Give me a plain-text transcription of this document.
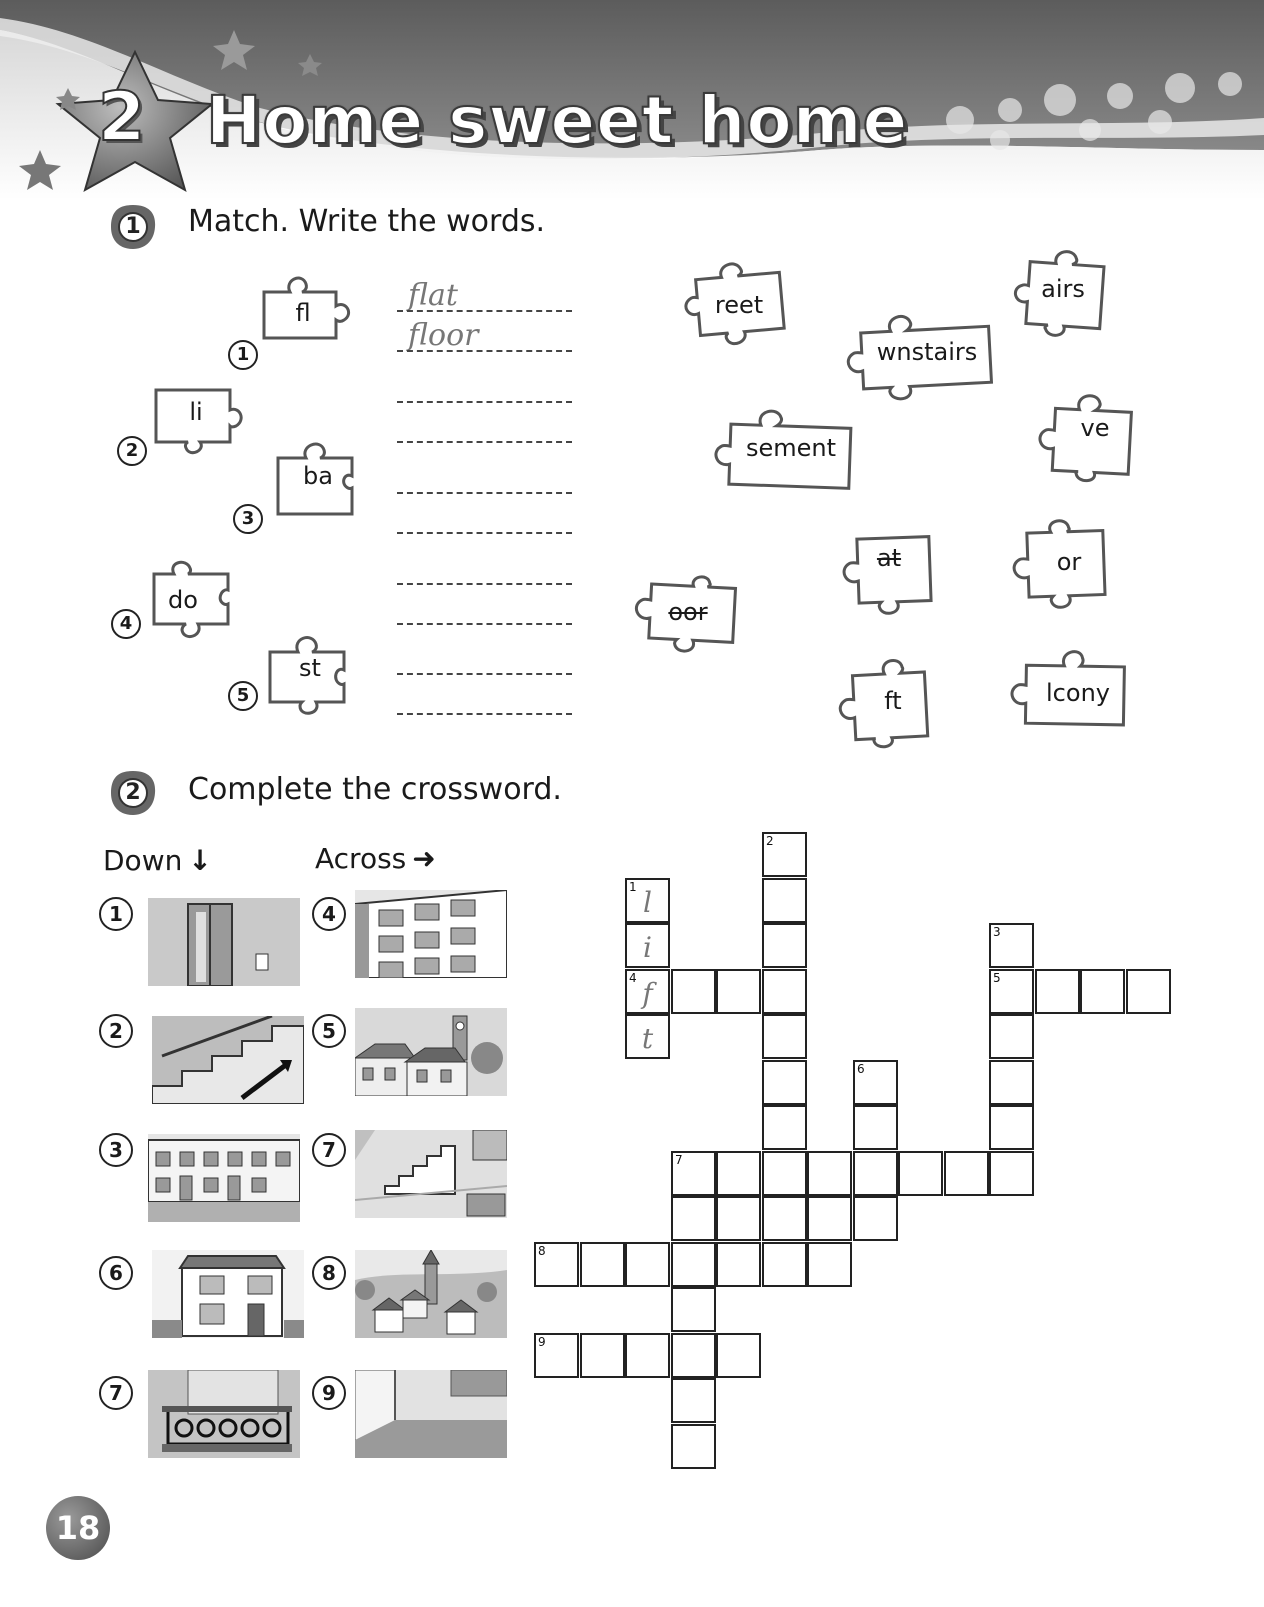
2 Home sweet home
1	Match. Write the words.
fl
1
li
2
ba
3
do
4
st
5
flat
floor
reet
airs
wnstairs
sement
ve
at	or
oor
ft	lcony
2	Complete the crossword.
Down ↓	Across ➜
1
2
3
6
7
4
5
7
8
9
2
1 l
i
4 f
t
3
5
6
7
8
9
18
